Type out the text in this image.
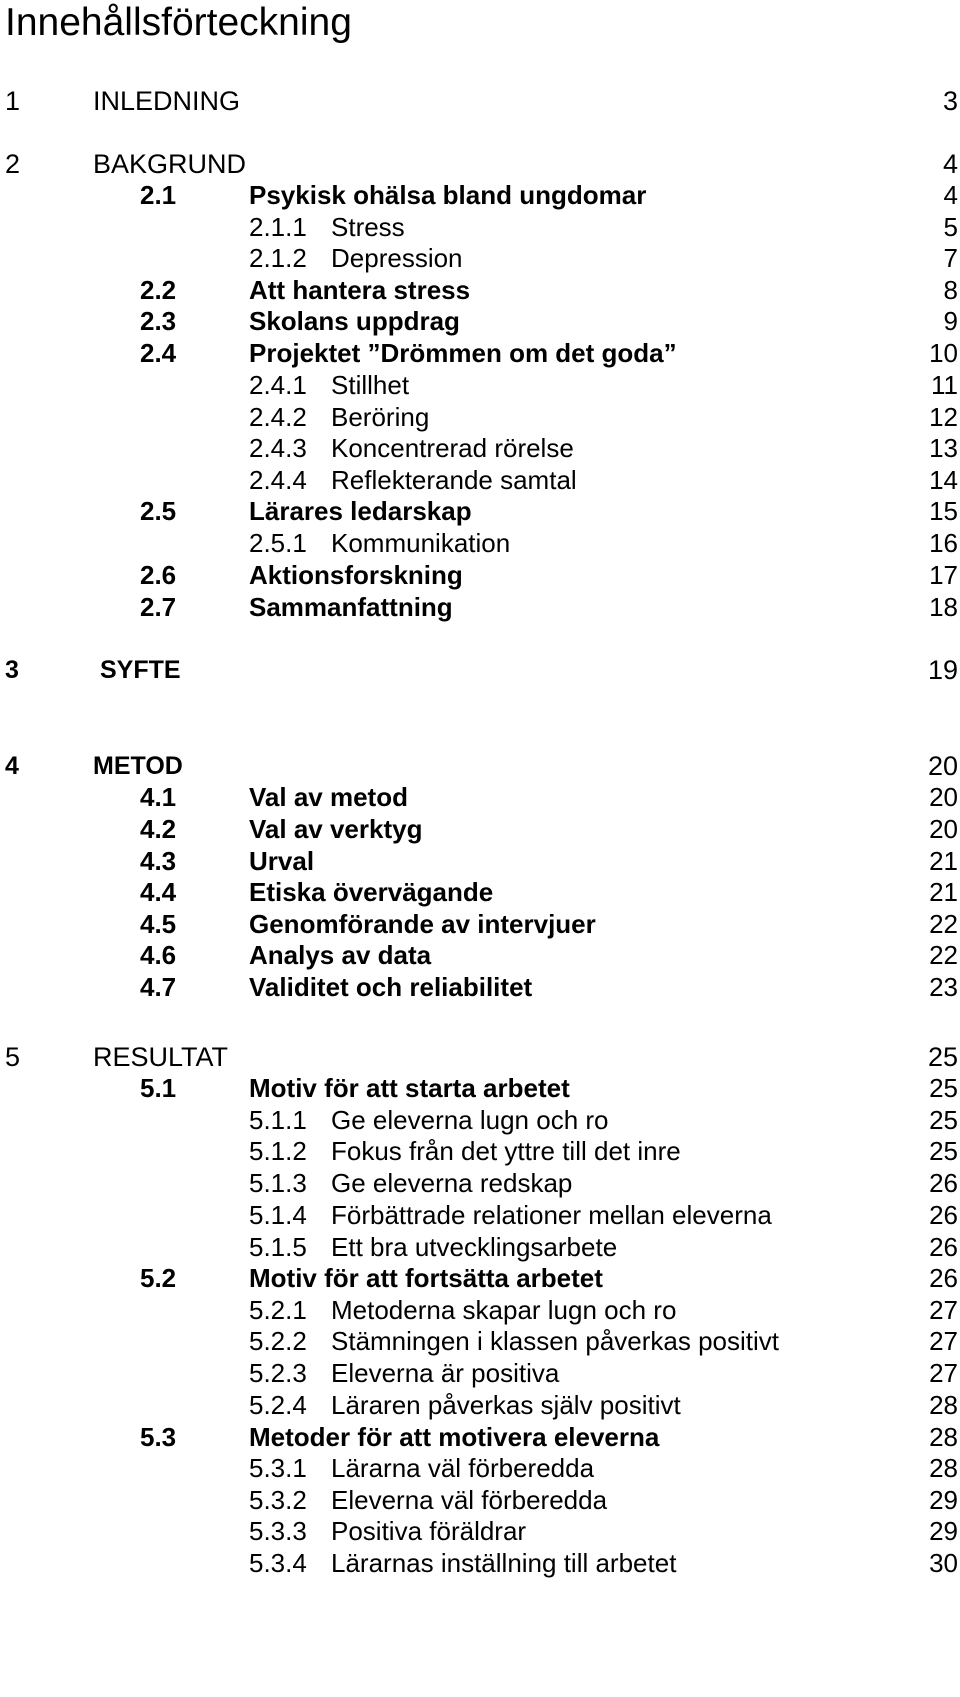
Innehållsförteckning
1	INLEDNING	3
2	BAKGRUND	4
2.1	Psykisk ohälsa bland ungdomar	4
2.1.1 Stress	5
2.1.2 Depression	7
2.2	Att hantera stress	8
2.3	Skolans uppdrag	9
2.4	Projektet ”Drömmen om det goda”	10
2.4.1 Stillhet	11
2.4.2 Beröring	12
2.4.3 Koncentrerad rörelse	13
2.4.4 Reflekterande samtal	14
2.5	Lärares ledarskap	15
2.5.1 Kommunikation	16
2.6	Aktionsforskning	17
2.7	Sammanfattning	18
3	SYFTE	19
4	METOD	20
4.1	Val av metod	20
4.2	Val av verktyg	20
4.3	Urval	21
4.4	Etiska övervägande	21
4.5	Genomförande av intervjuer	22
4.6	Analys av data	22
4.7	Validitet och reliabilitet	23
5	RESULTAT	25
5.1	Motiv för att starta arbetet	25
5.1.1 Ge eleverna lugn och ro	25
5.1.2 Fokus från det yttre till det inre	25
5.1.3 Ge eleverna redskap	26
5.1.4 Förbättrade relationer mellan eleverna	26
5.1.5 Ett bra utvecklingsarbete	26
5.2	Motiv för att fortsätta arbetet	26
5.2.1 Metoderna skapar lugn och ro	27
5.2.2 Stämningen i klassen påverkas positivt	27
5.2.3 Eleverna är positiva	27
5.2.4 Läraren påverkas själv positivt	28
5.3	Metoder för att motivera eleverna	28
5.3.1 Lärarna väl förberedda	28
5.3.2 Eleverna väl förberedda	29
5.3.3 Positiva föräldrar	29
5.3.4 Lärarnas inställning till arbetet	30
